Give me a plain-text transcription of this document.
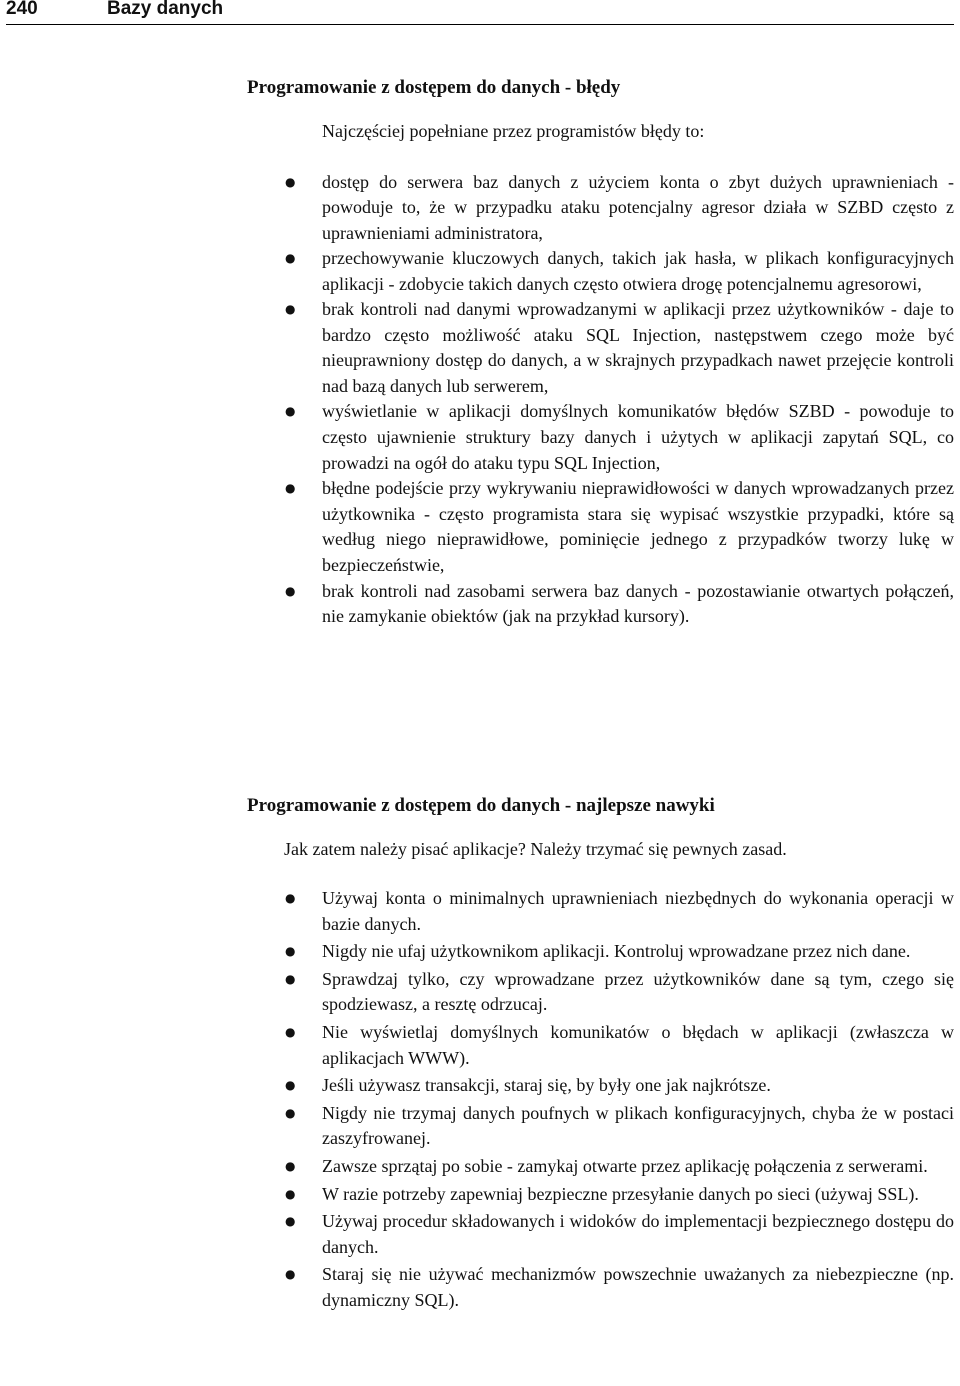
240	Bazy danych
Programowanie z dostępem do danych - błędy
Najczęściej popełniane przez programistów błędy to:
● dostęp do serwera baz danych z użyciem konta o zbyt dużych uprawnieniach - powoduje to, że w przypadku ataku potencjalny agresor działa w SZBD często z uprawnieniami administratora,
● przechowywanie kluczowych danych, takich jak hasła, w plikach konfiguracyjnych aplikacji - zdobycie takich danych często otwiera drogę potencjalnemu agresorowi,
● brak kontroli nad danymi wprowadzanymi w aplikacji przez użytkowników - daje to bardzo często możliwość ataku SQL Injection, następstwem czego może być nieuprawniony dostęp do danych, a w skrajnych przypadkach nawet przejęcie kontroli nad bazą danych lub serwerem,
● wyświetlanie w aplikacji domyślnych komunikatów błędów SZBD - powoduje to często ujawnienie struktury bazy danych i użytych w aplikacji zapytań SQL, co prowadzi na ogół do ataku typu SQL Injection,
● błędne podejście przy wykrywaniu nieprawidłowości w danych wprowadzanych przez użytkownika - często programista stara się wypisać wszystkie przypadki, które są według niego nieprawidłowe, pominięcie jednego z przypadków tworzy lukę w bezpieczeństwie,
● brak kontroli nad zasobami serwera baz danych - pozostawianie otwartych połączeń, nie zamykanie obiektów (jak na przykład kursory).
Programowanie z dostępem do danych - najlepsze nawyki
Jak zatem należy pisać aplikacje? Należy trzymać się pewnych zasad.
● Używaj konta o minimalnych uprawnieniach niezbędnych do wykonania operacji w bazie danych.
● Nigdy nie ufaj użytkownikom aplikacji. Kontroluj wprowadzane przez nich dane.
● Sprawdzaj tylko, czy wprowadzane przez użytkowników dane są tym, czego się spodziewasz, a resztę odrzucaj.
● Nie wyświetlaj domyślnych komunikatów o błędach w aplikacji (zwłaszcza w aplikacjach WWW).
● Jeśli używasz transakcji, staraj się, by były one jak najkrótsze.
● Nigdy nie trzymaj danych poufnych w plikach konfiguracyjnych, chyba że w postaci zaszyfrowanej.
● Zawsze sprzątaj po sobie - zamykaj otwarte przez aplikację połączenia z serwerami.
● W razie potrzeby zapewniaj bezpieczne przesyłanie danych po sieci (używaj SSL).
● Używaj procedur składowanych i widoków do implementacji bezpiecznego dostępu do danych.
● Staraj się nie używać mechanizmów powszechnie uważanych za niebezpieczne (np. dynamiczny SQL).
